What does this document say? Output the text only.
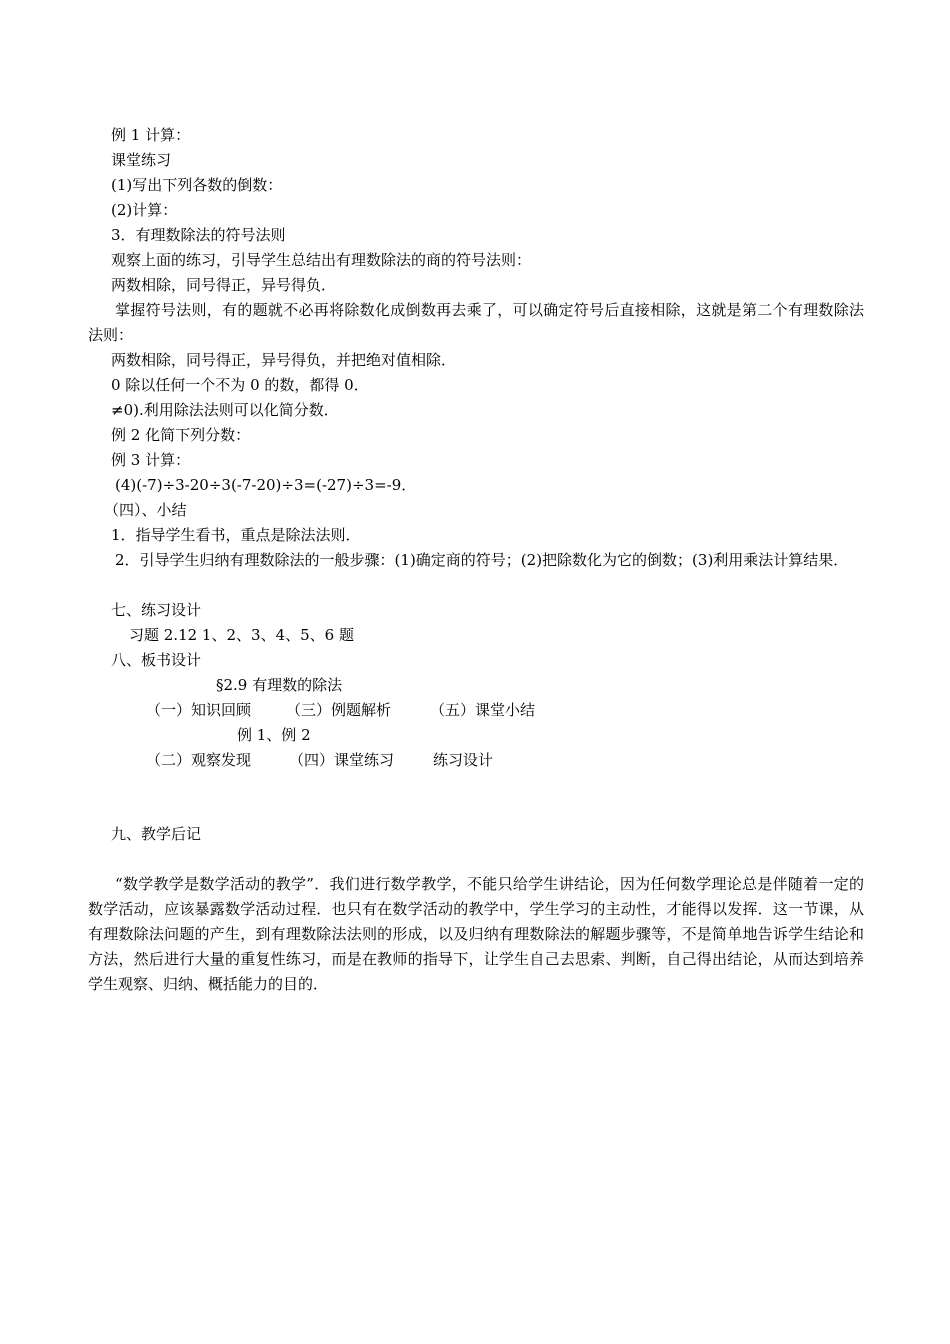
例 1 计算：
课堂练习
(1)写出下列各数的倒数：
(2)计算：
3．有理数除法的符号法则
观察上面的练习，引导学生总结出有理数除法的商的符号法则：
两数相除，同号得正，异号得负．
掌握符号法则，有的题就不必再将除数化成倒数再去乘了，可以确定符号后直接相除，这就是第二个有理数除法法则：
两数相除，同号得正，异号得负，并把绝对值相除．
0 除以任何一个不为 0 的数，都得 0．
≠0).利用除法法则可以化简分数．
例 2 化简下列分数：
例 3 计算：
(4)(-7)÷3-20÷3(-7-20)÷3=(-27)÷3=-9．
（四）、小结
1．指导学生看书，重点是除法法则．
2．引导学生归纳有理数除法的一般步骤：(1)确定商的符号；(2)把除数化为它的倒数；(3)利用乘法计算结果．
七、练习设计
习题 2.12 1、2、3、4、5、6 题
八、板书设计
§2.9 有理数的除法
（一）知识回顾 （三）例题解析	（五）课堂小结
例 1、例 2
（二）观察发现	（四）课堂练习	练习设计
九、教学后记
“数学教学是数学活动的教学”．我们进行数学教学，不能只给学生讲结论，因为任何数学理论总是伴随着一定的数学活动，应该暴露数学活动过程．也只有在数学活动的教学中，学生学习的主动性，才能得以发挥．这一节课，从有理数除法问题的产生，到有理数除法法则的形成，以及归纳有理数除法的解题步骤等，不是简单地告诉学生结论和方法，然后进行大量的重复性练习，而是在教师的指导下，让学生自己去思索、判断，自己得出结论，从而达到培养学生观察、归纳、概括能力的目的．
